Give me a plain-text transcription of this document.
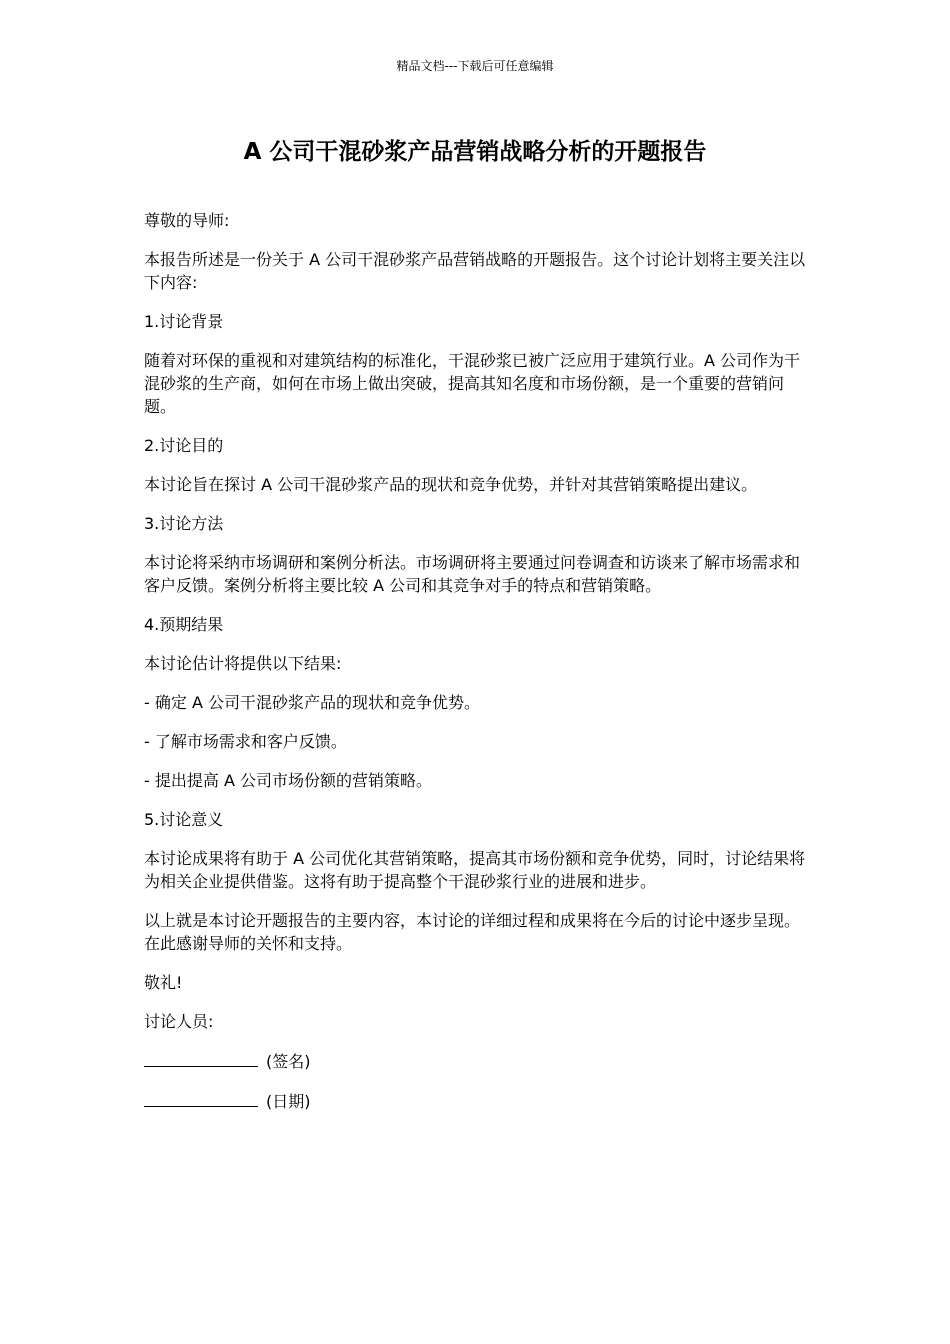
精品文档---下载后可任意编辑
A 公司干混砂浆产品营销战略分析的开题报告

尊敬的导师:

本报告所述是一份关于 A 公司干混砂浆产品营销战略的开题报告。这个讨论计划将主要关注以下内容:

1.讨论背景

随着对环保的重视和对建筑结构的标准化，干混砂浆已被广泛应用于建筑行业。A 公司作为干混砂浆的生产商，如何在市场上做出突破，提高其知名度和市场份额，是一个重要的营销问题。

2.讨论目的

本讨论旨在探讨 A 公司干混砂浆产品的现状和竞争优势，并针对其营销策略提出建议。

3.讨论方法

本讨论将采纳市场调研和案例分析法。市场调研将主要通过问卷调查和访谈来了解市场需求和客户反馈。案例分析将主要比较 A 公司和其竞争对手的特点和营销策略。

4.预期结果

本讨论估计将提供以下结果:

- 确定 A 公司干混砂浆产品的现状和竞争优势。

- 了解市场需求和客户反馈。

- 提出提高 A 公司市场份额的营销策略。

5.讨论意义

本讨论成果将有助于 A 公司优化其营销策略，提高其市场份额和竞争优势，同时，讨论结果将为相关企业提供借鉴。这将有助于提高整个干混砂浆行业的进展和进步。

以上就是本讨论开题报告的主要内容，本讨论的详细过程和成果将在今后的讨论中逐步呈现。在此感谢导师的关怀和支持。

敬礼!

讨论人员:

(签名)

(日期)
